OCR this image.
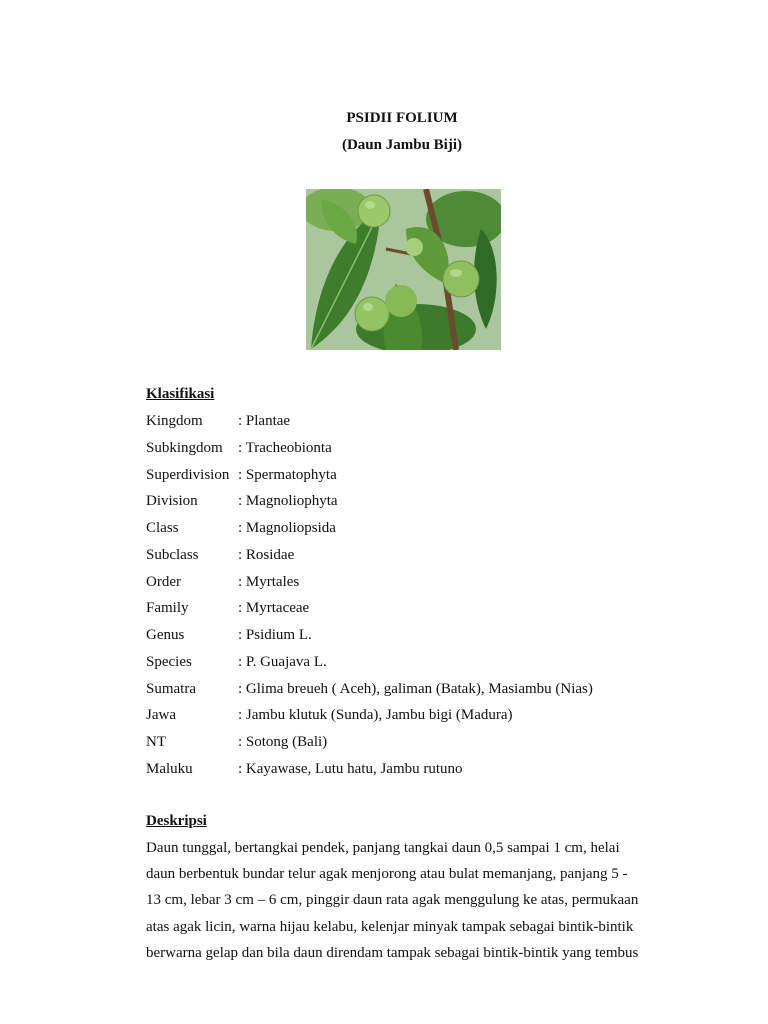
PSIDII FOLIUM
(Daun Jambu Biji)
Klasifikasi
Kingdom : Plantae
Subkingdom : Tracheobionta
Superdivision : Spermatophyta
Division	: Magnoliophyta
Class	: Magnoliopsida
Subclass	: Rosidae
Order	: Myrtales
Family	: Myrtaceae
Genus	: Psidium L.
Species	: P. Guajava L.
Sumatra	: Glima breueh ( Aceh), galiman (Batak), Masiambu (Nias)
Jawa	: Jambu klutuk (Sunda), Jambu bigi (Madura)
NT	: Sotong (Bali)
Maluku	: Kayawase, Lutu hatu, Jambu rutuno
Deskripsi
Daun tunggal, bertangkai pendek, panjang tangkai daun 0,5 sampai 1 cm, helai
daun berbentuk bundar telur agak menjorong atau bulat memanjang, panjang 5 -
13 cm, lebar 3 cm – 6 cm, pinggir daun rata agak menggulung ke atas, permukaan
atas agak licin, warna hijau kelabu, kelenjar minyak tampak sebagai bintik-bintik
berwarna gelap dan bila daun direndam tampak sebagai bintik-bintik yang tembus
